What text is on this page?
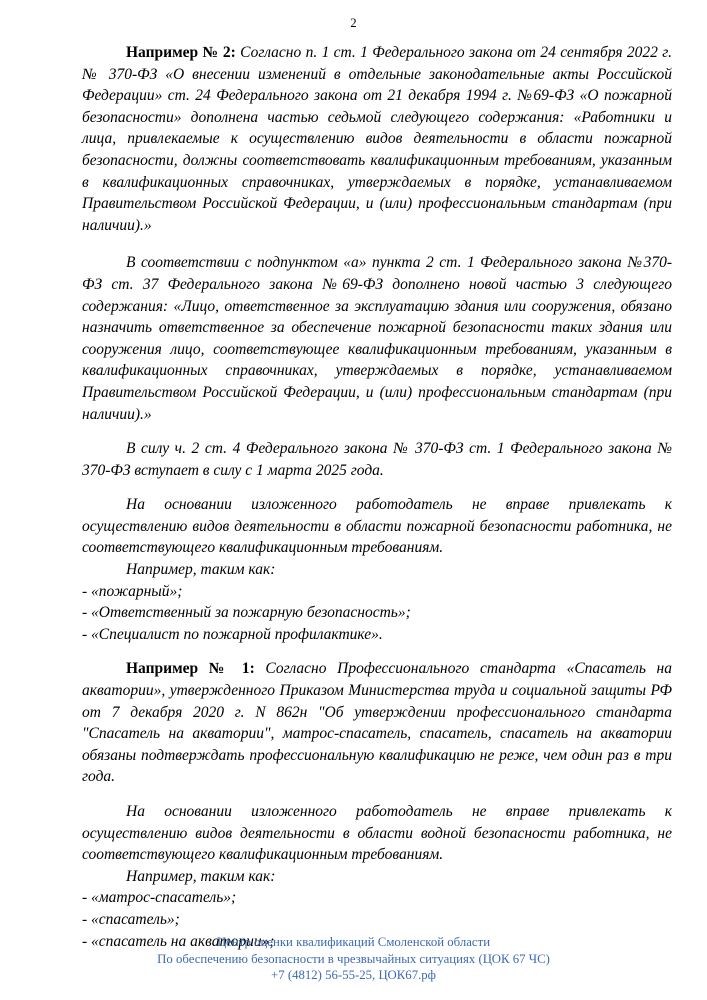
2

Например № 2: Согласно п. 1 ст. 1 Федерального закона от 24 сентября 2022 г. № 370-ФЗ «О внесении изменений в отдельные законодательные акты Российской Федерации» ст. 24 Федерального закона от 21 декабря 1994 г. №69-ФЗ «О пожарной безопасности» дополнена частью седьмой следующего содержания: «Работники и лица, привлекаемые к осуществлению видов деятельности в области пожарной безопасности, должны соответствовать квалификационным требованиям, указанным в квалификационных справочниках, утверждаемых в порядке, устанавливаемом Правительством Российской Федерации, и (или) профессиональным стандартам (при наличии).»

В соответствии с подпунктом «а» пункта 2 ст. 1 Федерального закона №370-ФЗ ст. 37 Федерального закона №69-ФЗ дополнено новой частью 3 следующего содержания: «Лицо, ответственное за эксплуатацию здания или сооружения, обязано назначить ответственное за обеспечение пожарной безопасности таких здания или сооружения лицо, соответствующее квалификационным требованиям, указанным в квалификационных справочниках, утверждаемых в порядке, устанавливаемом Правительством Российской Федерации, и (или) профессиональным стандартам (при наличии).»

В силу ч. 2 ст. 4 Федерального закона № 370-ФЗ ст. 1 Федерального закона № 370-ФЗ вступает в силу с 1 марта 2025 года.

На основании изложенного работодатель не вправе привлекать к осуществлению видов деятельности в области пожарной безопасности работника, не соответствующего квалификационным требованиям.

Например, таким как:
- «пожарный»;
- «Ответственный за пожарную безопасность»;
- «Специалист по пожарной профилактике».

Например № 1: Согласно Профессионального стандарта «Спасатель на акватории», утвержденного Приказом Министерства труда и социальной защиты РФ от 7 декабря 2020 г. N 862н "Об утверждении профессионального стандарта "Спасатель на акватории", матрос-спасатель, спасатель, спасатель на акватории обязаны подтверждать профессиональную квалификацию не реже, чем один раз в три года.

На основании изложенного работодатель не вправе привлекать к осуществлению видов деятельности в области водной безопасности работника, не соответствующего квалификационным требованиям.

Например, таким как:
- «матрос-спасатель»;
- «спасатель»;
- «спасатель на акватории»;
Центр оценки квалификаций Смоленской области
По обеспечению безопасности в чрезвычайных ситуациях (ЦОК 67 ЧС)
+7 (4812) 56-55-25, ЦОК67.рф
